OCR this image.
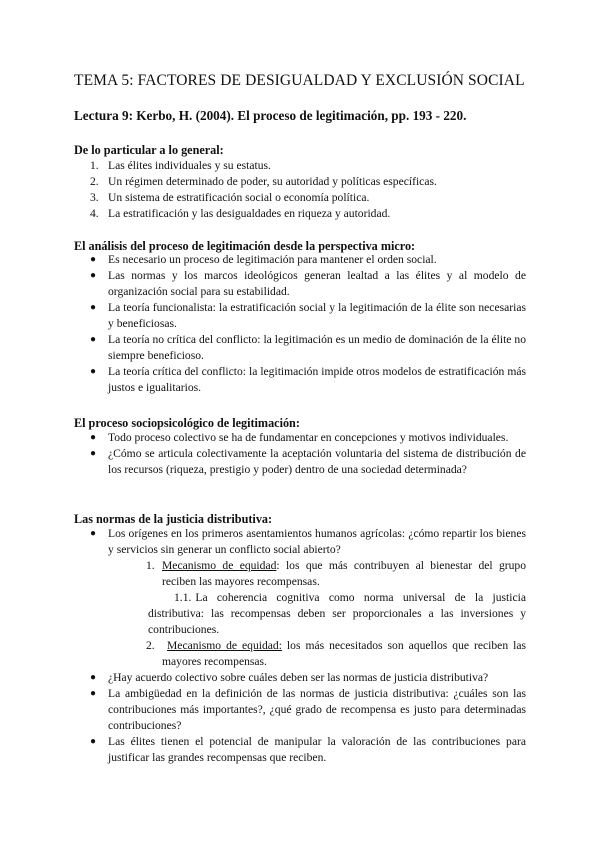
TEMA 5: FACTORES DE DESIGUALDAD Y EXCLUSIÓN SOCIAL

Lectura 9: Kerbo, H. (2004). El proceso de legitimación, pp. 193 - 220.

De lo particular a lo general:

1. Las élites individuales y su estatus.
2. Un régimen determinado de poder, su autoridad y políticas específicas.
3. Un sistema de estratificación social o economía política.
4. La estratificación y las desigualdades en riqueza y autoridad.

El análisis del proceso de legitimación desde la perspectiva micro:

● Es necesario un proceso de legitimación para mantener el orden social.
● Las normas y los marcos ideológicos generan lealtad a las élites y al modelo de organización social para su estabilidad.
● La teoría funcionalista: la estratificación social y la legitimación de la élite son necesarias y beneficiosas.
● La teoría no crítica del conflicto: la legitimación es un medio de dominación de la élite no siempre beneficioso.
● La teoría crítica del conflicto: la legitimación impide otros modelos de estratificación más justos e igualitarios.

El proceso sociopsicológico de legitimación:

● Todo proceso colectivo se ha de fundamentar en concepciones y motivos individuales.
● ¿Cómo se articula colectivamente la aceptación voluntaria del sistema de distribución de los recursos (riqueza, prestigio y poder) dentro de una sociedad determinada?

Las normas de la justicia distributiva:

● Los orígenes en los primeros asentamientos humanos agrícolas: ¿cómo repartir los bienes y servicios sin generar un conflicto social abierto?
1. Mecanismo de equidad: los que más contribuyen al bienestar del grupo reciben las mayores recompensas.
1.1. La coherencia cognitiva como norma universal de la justicia distributiva: las recompensas deben ser proporcionales a las inversiones y contribuciones.
2. Mecanismo de equidad: los más necesitados son aquellos que reciben las mayores recompensas.
● ¿Hay acuerdo colectivo sobre cuáles deben ser las normas de justicia distributiva?
● La ambigüedad en la definición de las normas de justicia distributiva: ¿cuáles son las contribuciones más importantes?, ¿qué grado de recompensa es justo para determinadas contribuciones?
● Las élites tienen el potencial de manipular la valoración de las contribuciones para justificar las grandes recompensas que reciben.
